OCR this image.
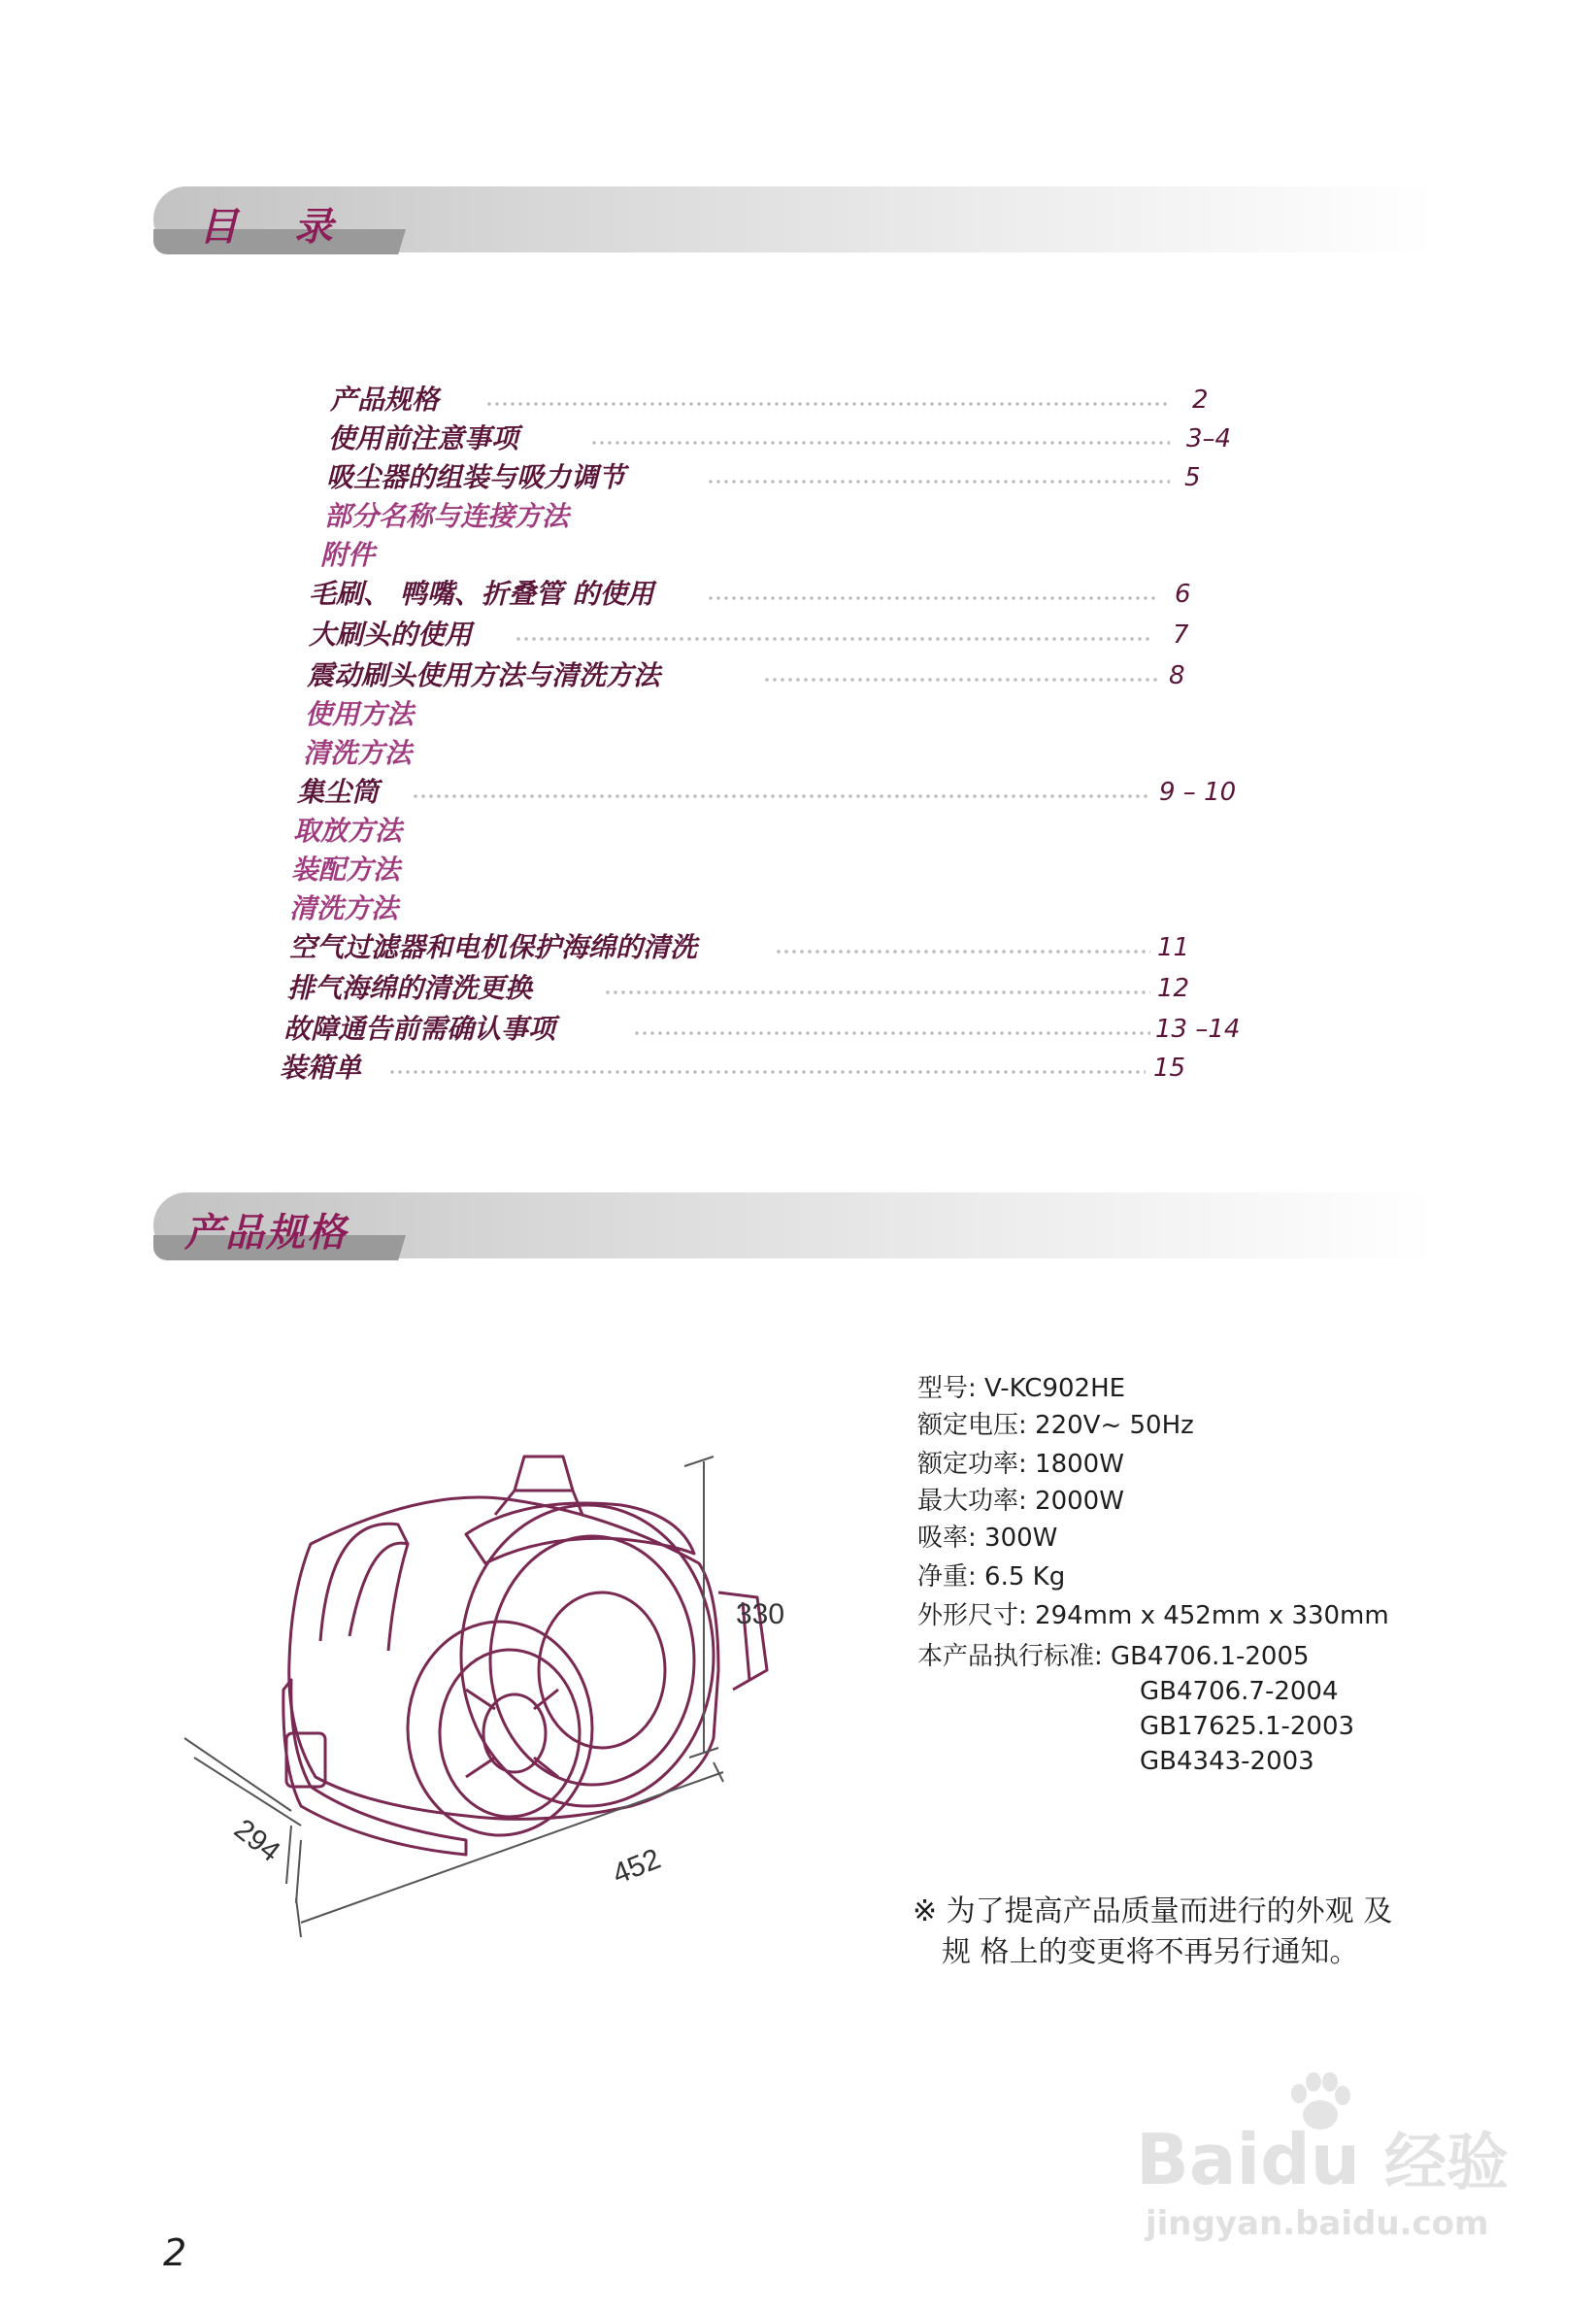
目 录
产品规格	2
使用前注意事项	3–4
吸尘器的组装与吸力调节	5
部分名称与连接方法
附件
毛刷、 鸭嘴、折叠管 的使用	6
大刷头的使用	7
震动刷头使用方法与清洗方法	8
使用方法
清洗方法
集尘筒	9 – 10
取放方法
装配方法
清洗方法
空气过滤器和电机保护海绵的清洗	11
排气海绵的清洗更换	12
故障通告前需确认事项	13 –14
装箱单	15
产品规格
330
294	452
型号: V-KC902HE
额定电压: 220V~ 50Hz
额定功率: 1800W
最大功率: 2000W
吸率: 300W
净重: 6.5 Kg
外形尺寸: 294mm x 452mm x 330mm
本产品执行标准: GB4706.1-2005
GB4706.7-2004
GB17625.1-2003
GB4343-2003
※ 为了提高产品质量而进行的外观 及
规 格上的变更将不再另行通知。
Baidu 经验
jingyan.baidu.com
2
